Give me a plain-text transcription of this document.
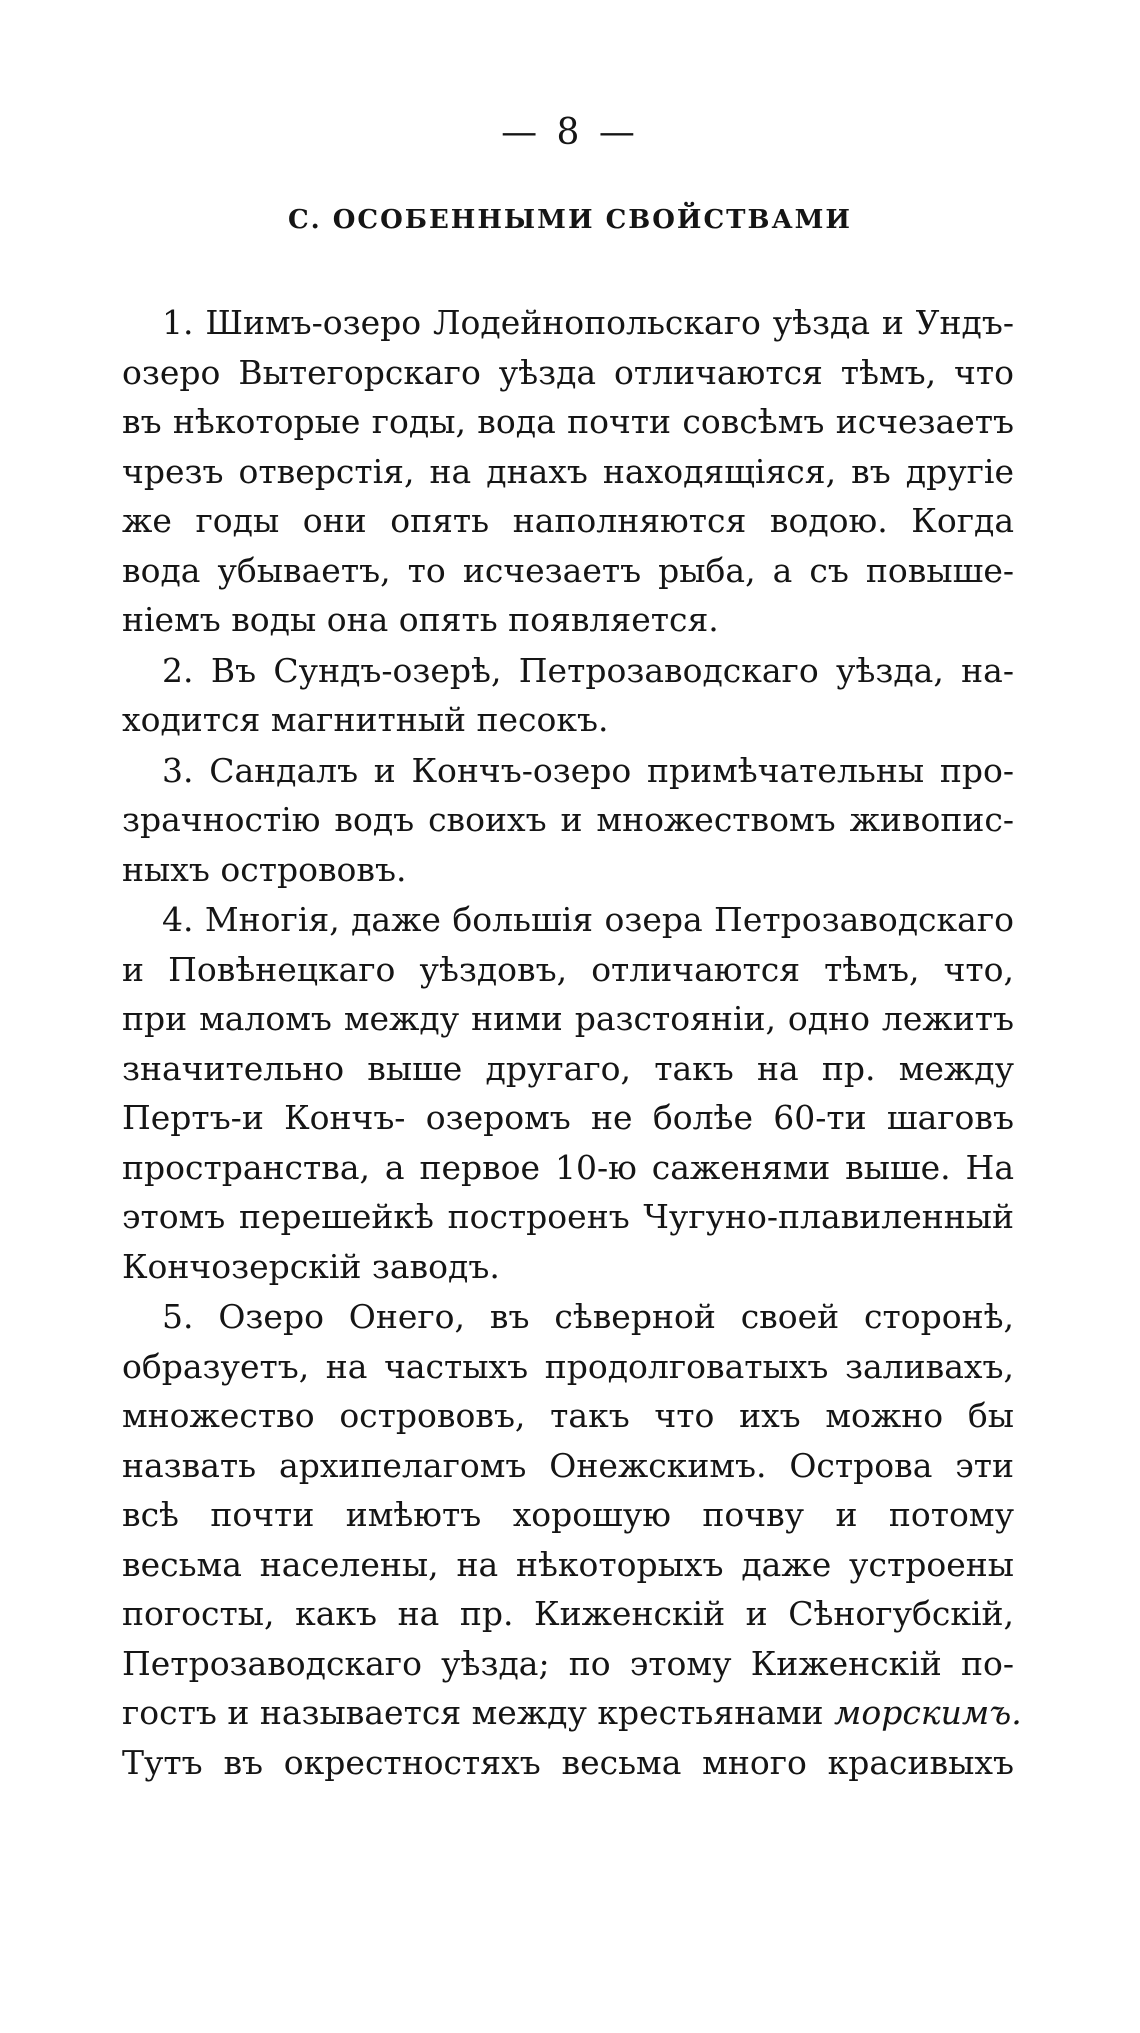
— 8 —
С. ОСОБЕННЫМИ СВОЙСТВАМИ
1. Шимъ-озеро Лодейнопольскаго уѣзда и Ундъ-
озеро Вытегорскаго уѣзда отличаются тѣмъ, что
въ нѣкоторые годы, вода почти совсѣмъ исчезаетъ
чрезъ отверстія, на днахъ находящіяся, въ другіе
же годы они опять наполняются водою. Когда
вода убываетъ, то исчезаетъ рыба, а съ повыше-
ніемъ воды она опять появляется.
2. Въ Сундъ-озерѣ, Петрозаводскаго уѣзда, на-
ходится магнитный песокъ.
3. Сандалъ и Кончъ-озеро примѣчательны про-
зрачностію водъ своихъ и множествомъ живопис-
ныхъ острововъ.
4. Многія, даже большія озера Петрозаводскаго
и Повѣнецкаго уѣздовъ, отличаются тѣмъ, что,
при маломъ между ними разстояніи, одно лежитъ
значительно выше другаго, такъ на пр. между
Пертъ-и Кончъ- озеромъ не болѣе 60-ти шаговъ
пространства, а первое 10-ю саженями выше. На
этомъ перешейкѣ построенъ Чугуно-плавиленный
Кончозерскій заводъ.
5. Озеро Онего, въ сѣверной своей сторонѣ,
образуетъ, на частыхъ продолговатыхъ заливахъ,
множество острововъ, такъ что ихъ можно бы
назвать архипелагомъ Онежскимъ. Острова эти
всѣ почти имѣютъ хорошую почву и потому
весьма населены, на нѣкоторыхъ даже устроены
погосты, какъ на пр. Киженскій и Сѣногубскій,
Петрозаводскаго уѣзда; по этому Киженскій по-
гостъ и называется между крестьянами морскимъ.
Тутъ въ окрестностяхъ весьма много красивыхъ
